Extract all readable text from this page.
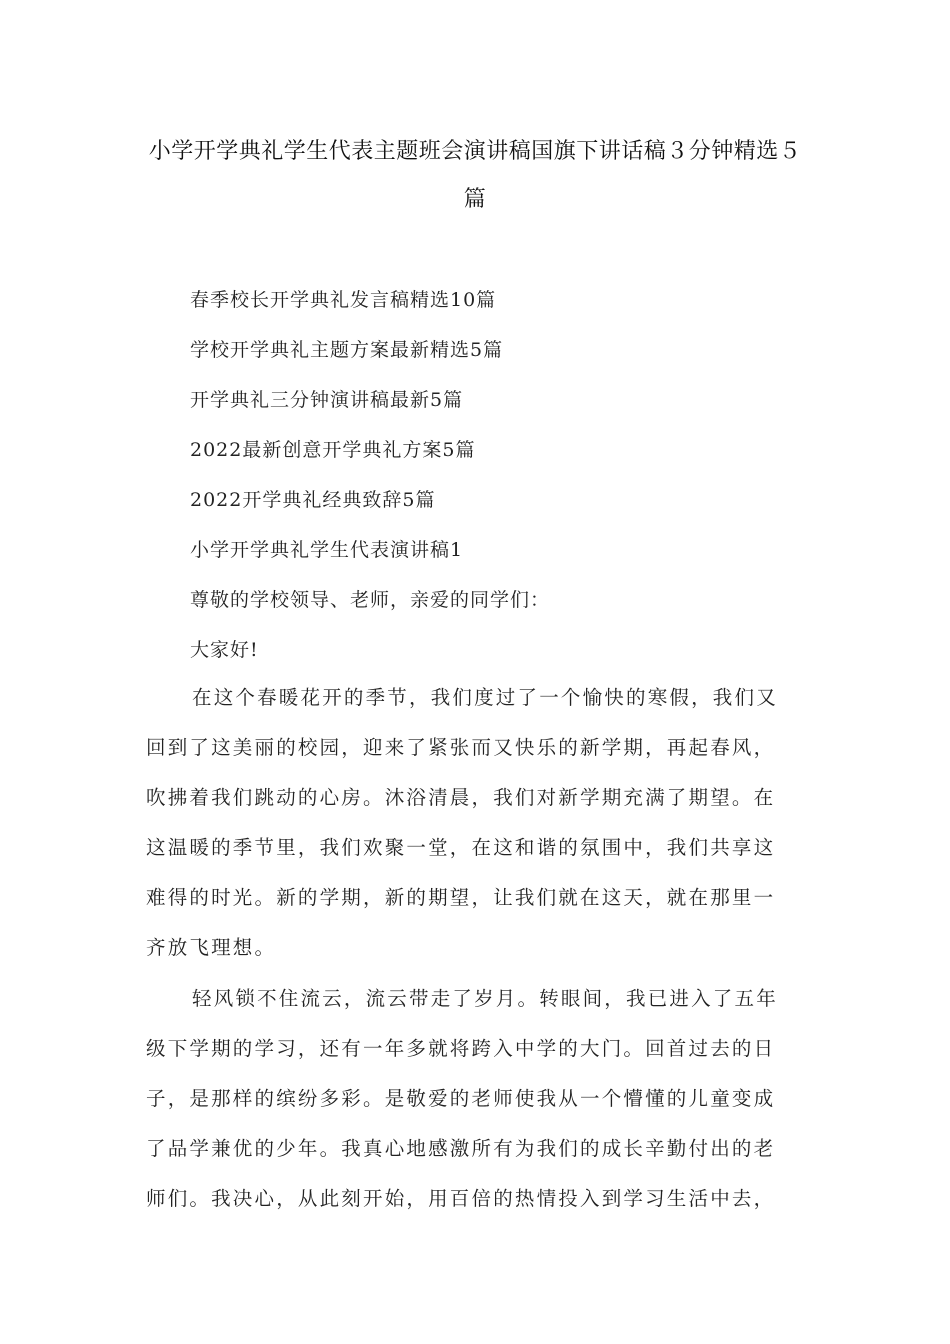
小学开学典礼学生代表主题班会演讲稿国旗下讲话稿３分钟精选５
篇
春季校长开学典礼发言稿精选10篇
学校开学典礼主题方案最新精选5篇
开学典礼三分钟演讲稿最新5篇
2022最新创意开学典礼方案5篇
2022开学典礼经典致辞5篇
小学开学典礼学生代表演讲稿1
尊敬的学校领导、老师，亲爱的同学们：
大家好!
在这个春暖花开的季节，我们度过了一个愉快的寒假，我们又
回到了这美丽的校园，迎来了紧张而又快乐的新学期，再起春风，
吹拂着我们跳动的心房。沐浴清晨，我们对新学期充满了期望。在
这温暖的季节里，我们欢聚一堂，在这和谐的氛围中，我们共享这
难得的时光。新的学期，新的期望，让我们就在这天，就在那里一
齐放飞理想。
轻风锁不住流云，流云带走了岁月。转眼间，我已进入了五年
级下学期的学习，还有一年多就将跨入中学的大门。回首过去的日
子，是那样的缤纷多彩。是敬爱的老师使我从一个懵懂的儿童变成
了品学兼优的少年。我真心地感激所有为我们的成长辛勤付出的老
师们。我决心，从此刻开始，用百倍的热情投入到学习生活中去，
